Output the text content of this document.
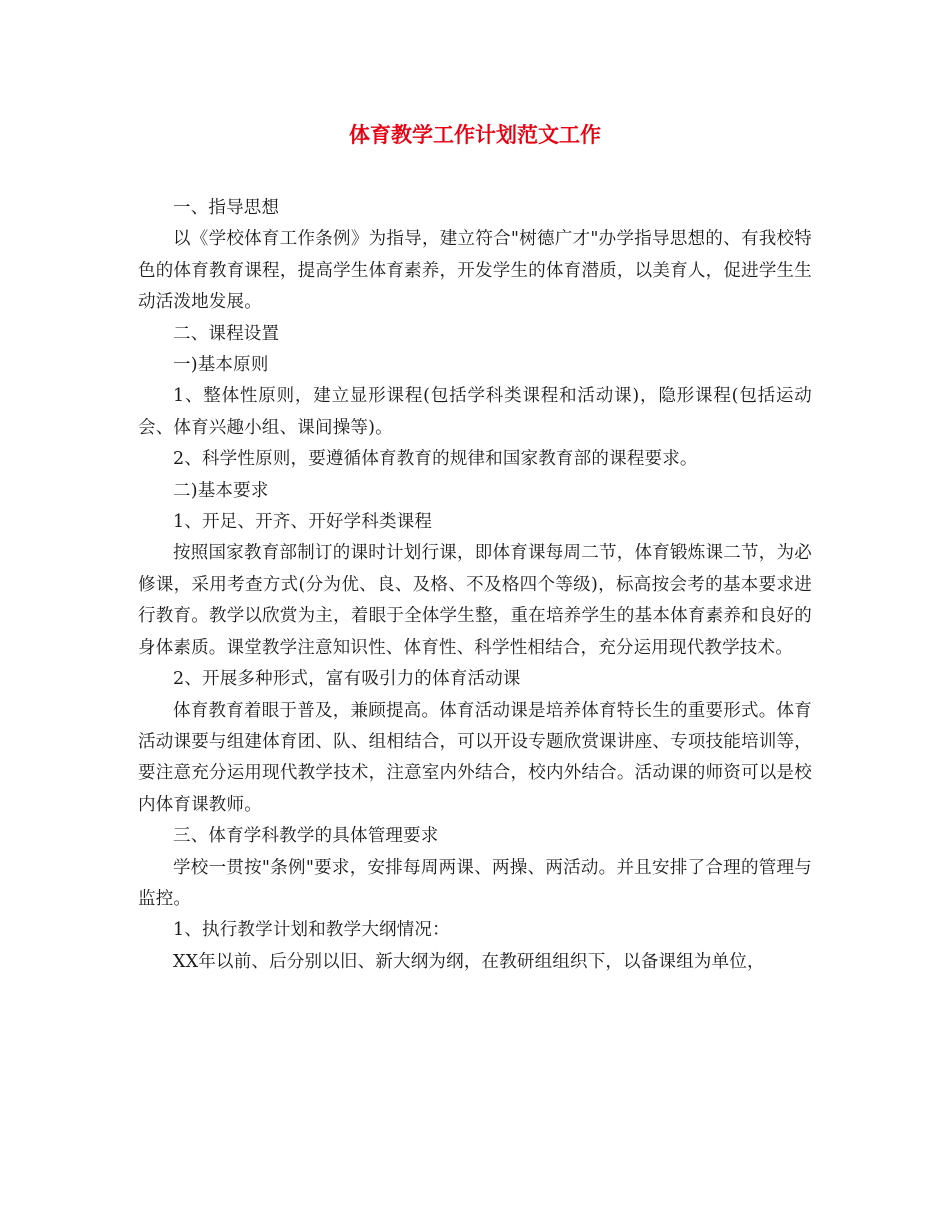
体育教学工作计划范文工作

一、指导思想

以《学校体育工作条例》为指导，建立符合"树德广才"办学指导思想的、有我校特色的体育教育课程，提高学生体育素养，开发学生的体育潜质，以美育人，促进学生生动活泼地发展。

二、课程设置

一)基本原则

1、整体性原则，建立显形课程(包括学科类课程和活动课)，隐形课程(包括运动会、体育兴趣小组、课间操等)。

2、科学性原则，要遵循体育教育的规律和国家教育部的课程要求。

二)基本要求

1、开足、开齐、开好学科类课程

按照国家教育部制订的课时计划行课，即体育课每周二节，体育锻炼课二节，为必修课，采用考查方式(分为优、良、及格、不及格四个等级)，标高按会考的基本要求进行教育。教学以欣赏为主，着眼于全体学生整，重在培养学生的基本体育素养和良好的身体素质。课堂教学注意知识性、体育性、科学性相结合，充分运用现代教学技术。

2、开展多种形式，富有吸引力的体育活动课

体育教育着眼于普及，兼顾提高。体育活动课是培养体育特长生的重要形式。体育活动课要与组建体育团、队、组相结合，可以开设专题欣赏课讲座、专项技能培训等，要注意充分运用现代教学技术，注意室内外结合，校内外结合。活动课的师资可以是校内体育课教师。

三、体育学科教学的具体管理要求

学校一贯按"条例"要求，安排每周两课、两操、两活动。并且安排了合理的管理与监控。

1、执行教学计划和教学大纲情况：

XX年以前、后分别以旧、新大纲为纲，在教研组组织下，以备课组为单位，
